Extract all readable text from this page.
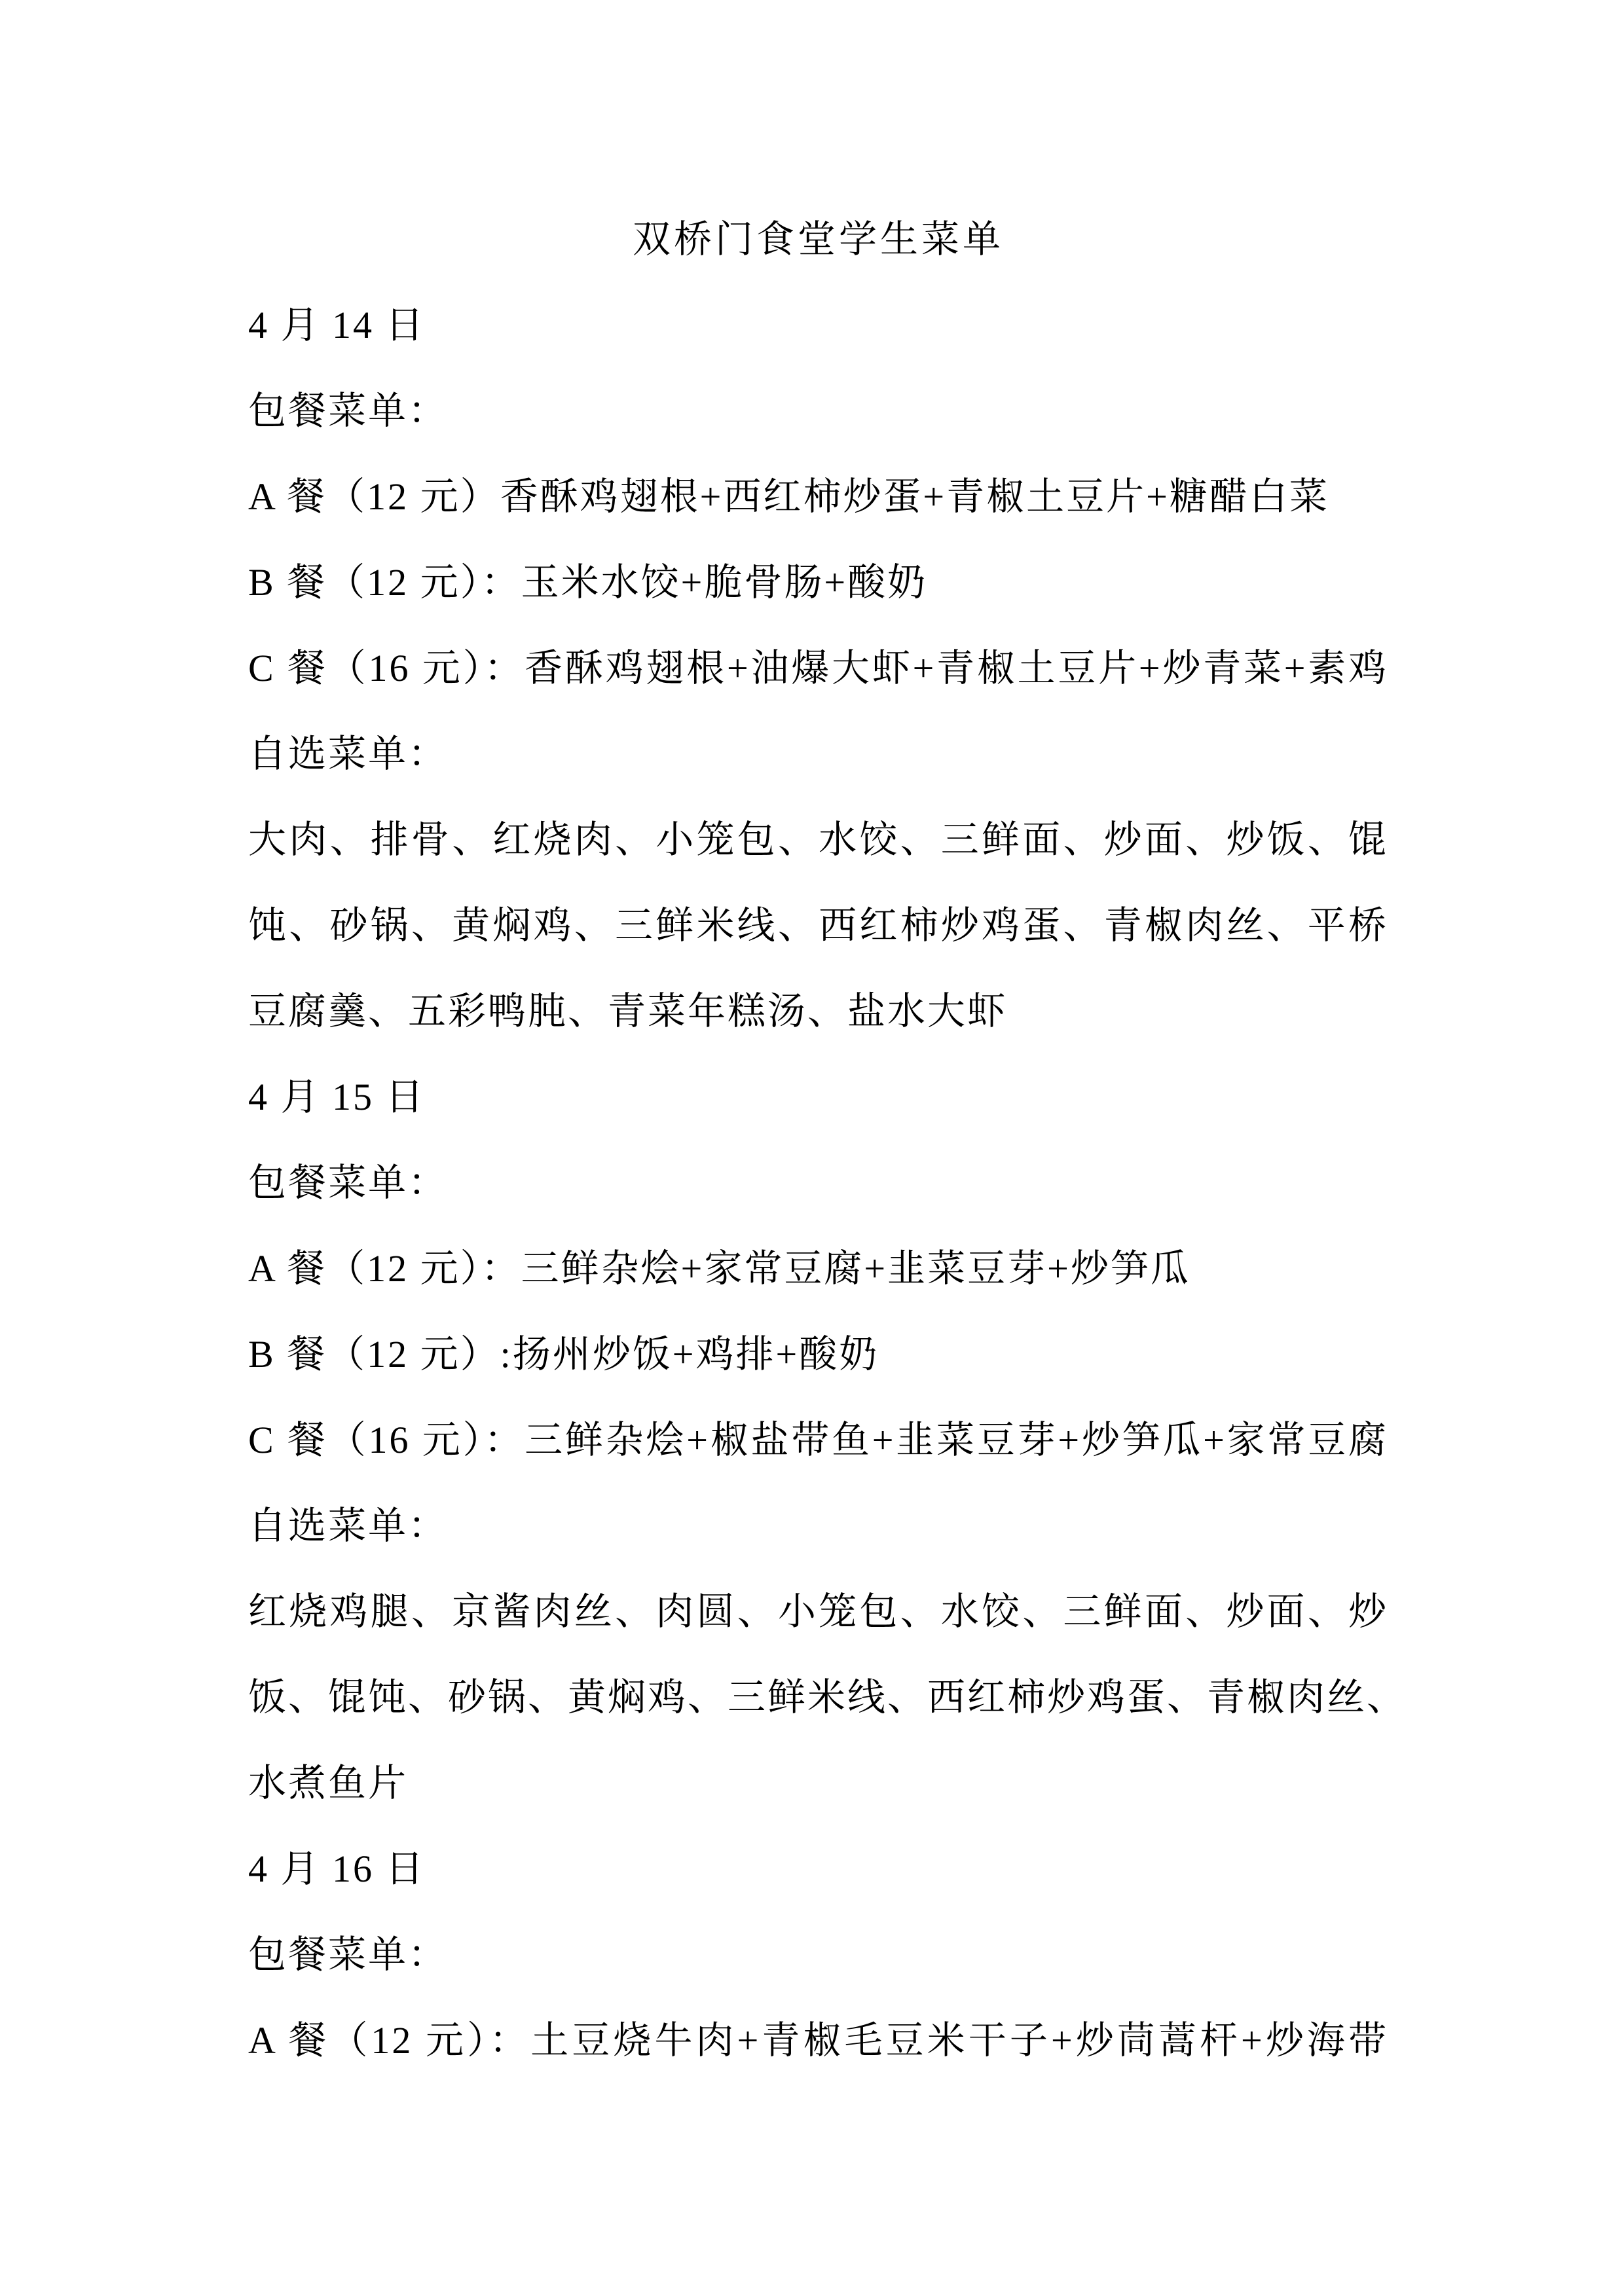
双桥门食堂学生菜单
4 月 14 日
包餐菜单：
A 餐（12 元）香酥鸡翅根+西红柿炒蛋+青椒土豆片+糖醋白菜
B 餐（12 元）：玉米水饺+脆骨肠+酸奶
C 餐（16 元）：香酥鸡翅根+油爆大虾+青椒土豆片+炒青菜+素鸡
自选菜单：
大肉、排骨、红烧肉、小笼包、水饺、三鲜面、炒面、炒饭、馄
饨、砂锅、黄焖鸡、三鲜米线、西红柿炒鸡蛋、青椒肉丝、平桥
豆腐羹、五彩鸭肫、青菜年糕汤、盐水大虾
4 月 15 日
包餐菜单：
A 餐（12 元）：三鲜杂烩+家常豆腐+韭菜豆芽+炒笋瓜
B 餐（12 元）:扬州炒饭+鸡排+酸奶
C 餐（16 元）：三鲜杂烩+椒盐带鱼+韭菜豆芽+炒笋瓜+家常豆腐
自选菜单：
红烧鸡腿、京酱肉丝、肉圆、小笼包、水饺、三鲜面、炒面、炒
饭、馄饨、砂锅、黄焖鸡、三鲜米线、西红柿炒鸡蛋、青椒肉丝、
水煮鱼片
4 月 16 日
包餐菜单：
A 餐（12 元）：土豆烧牛肉+青椒毛豆米干子+炒茼蒿杆+炒海带
